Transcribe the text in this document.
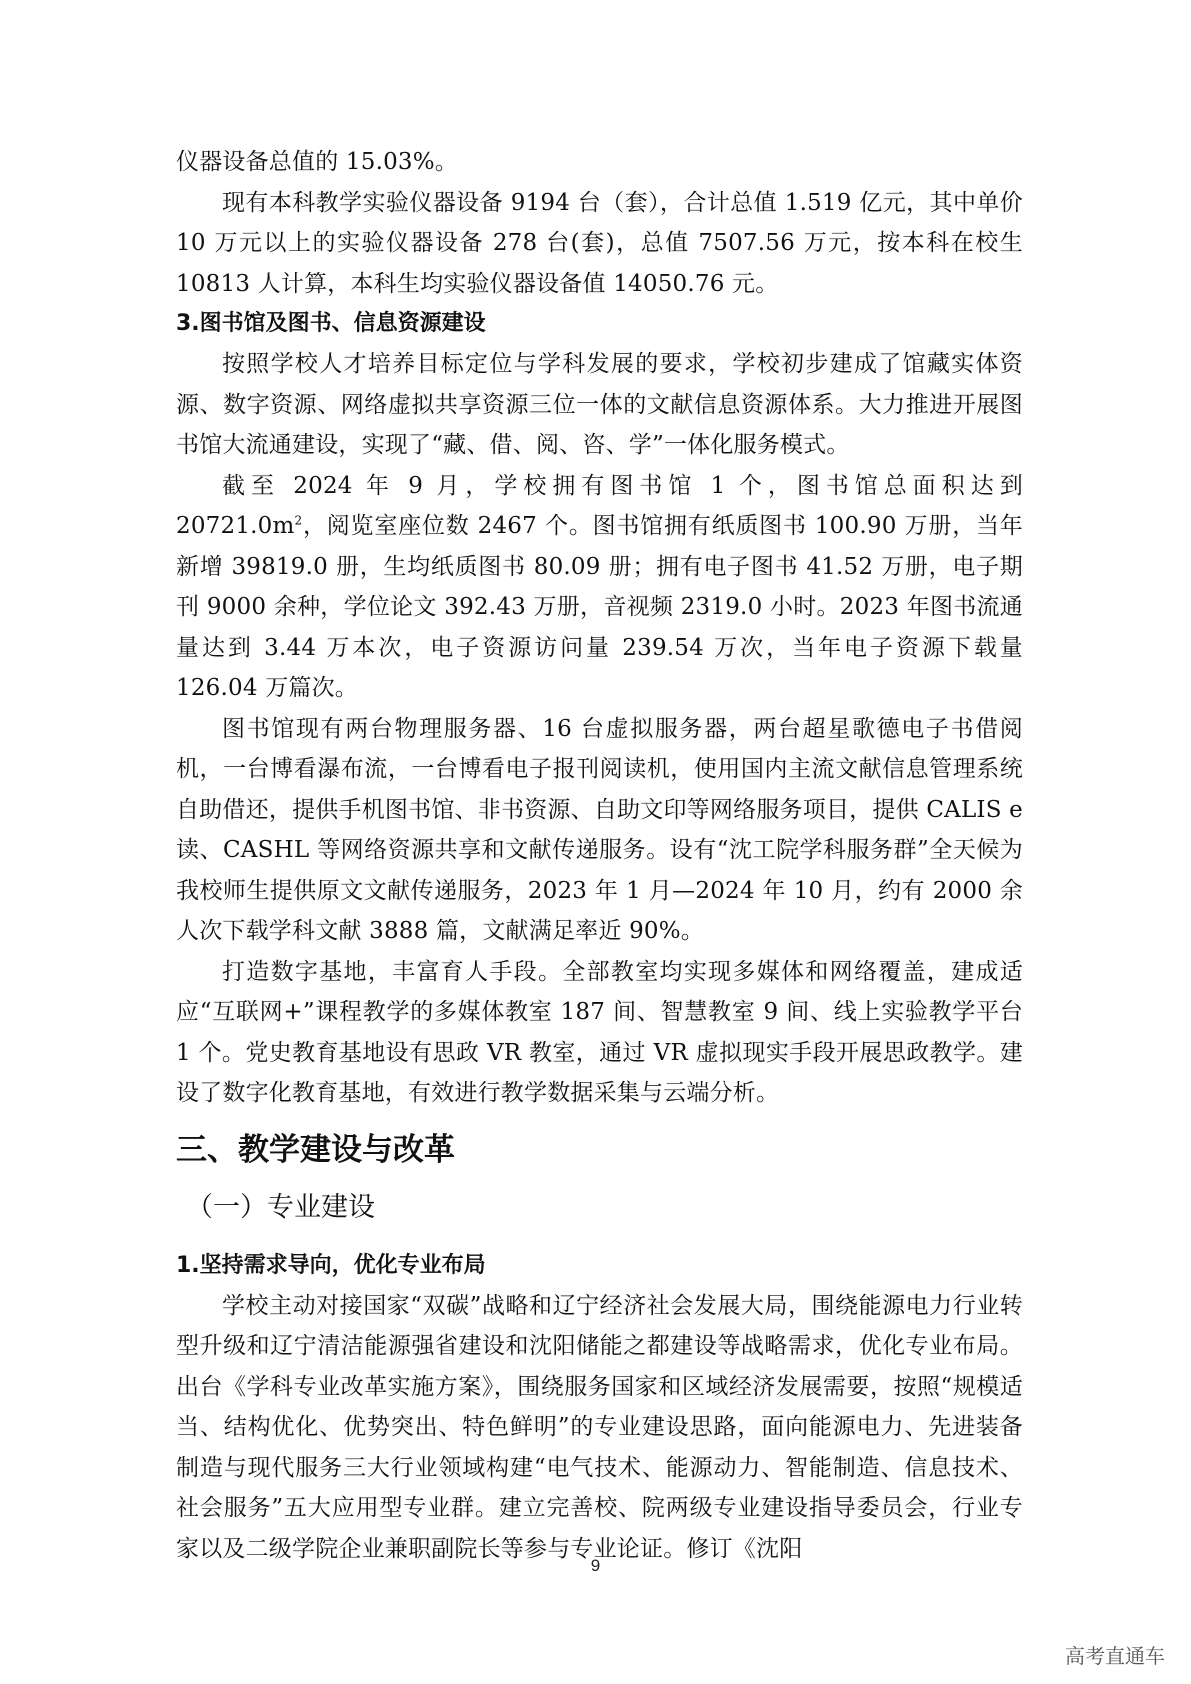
仪器设备总值的 15.03%。

现有本科教学实验仪器设备 9194 台（套），合计总值 1.519 亿元，其中单价 10 万元以上的实验仪器设备 278 台(套)，总值 7507.56 万元，按本科在校生 10813 人计算，本科生均实验仪器设备值 14050.76 元。

3.图书馆及图书、信息资源建设

按照学校人才培养目标定位与学科发展的要求，学校初步建成了馆藏实体资源、数字资源、网络虚拟共享资源三位一体的文献信息资源体系。大力推进开展图书馆大流通建设，实现了“藏、借、阅、咨、学”一体化服务模式。

截至 2024 年 9 月，学校拥有图书馆 1 个，图书馆总面积达到 $20721.0m^2$，阅览室座位数 2467 个。图书馆拥有纸质图书 100.90 万册，当年新增 39819.0 册，生均纸质图书 80.09 册；拥有电子图书 41.52 万册，电子期刊 9000 余种，学位论文 392.43 万册，音视频 2319.0 小时。2023 年图书流通量达到 3.44 万本次，电子资源访问量 239.54 万次，当年电子资源下载量 126.04 万篇次。

图书馆现有两台物理服务器、16 台虚拟服务器，两台超星歌德电子书借阅机，一台博看瀑布流，一台博看电子报刊阅读机，使用国内主流文献信息管理系统自助借还，提供手机图书馆、非书资源、自助文印等网络服务项目，提供 CALIS e 读、CASHL 等网络资源共享和文献传递服务。设有“沈工院学科服务群”全天候为我校师生提供原文文献传递服务，2023 年 1 月—2024 年 10 月，约有 2000 余人次下载学科文献 3888 篇，文献满足率近 90%。

打造数字基地，丰富育人手段。全部教室均实现多媒体和网络覆盖，建成适应“互联网+”课程教学的多媒体教室 187 间、智慧教室 9 间、线上实验教学平台 1 个。党史教育基地设有思政 VR 教室，通过 VR 虚拟现实手段开展思政教学。建设了数字化教育基地，有效进行教学数据采集与云端分析。

三、教学建设与改革

（一）专业建设

1.坚持需求导向，优化专业布局

学校主动对接国家“双碳”战略和辽宁经济社会发展大局，围绕能源电力行业转型升级和辽宁清洁能源强省建设和沈阳储能之都建设等战略需求，优化专业布局。出台《学科专业改革实施方案》，围绕服务国家和区域经济发展需要，按照“规模适当、结构优化、优势突出、特色鲜明”的专业建设思路，面向能源电力、先进装备制造与现代服务三大行业领域构建“电气技术、能源动力、智能制造、信息技术、社会服务”五大应用型专业群。建立完善校、院两级专业建设指导委员会，行业专家以及二级学院企业兼职副院长等参与专业论证。修订《沈阳

9
高考直通车
